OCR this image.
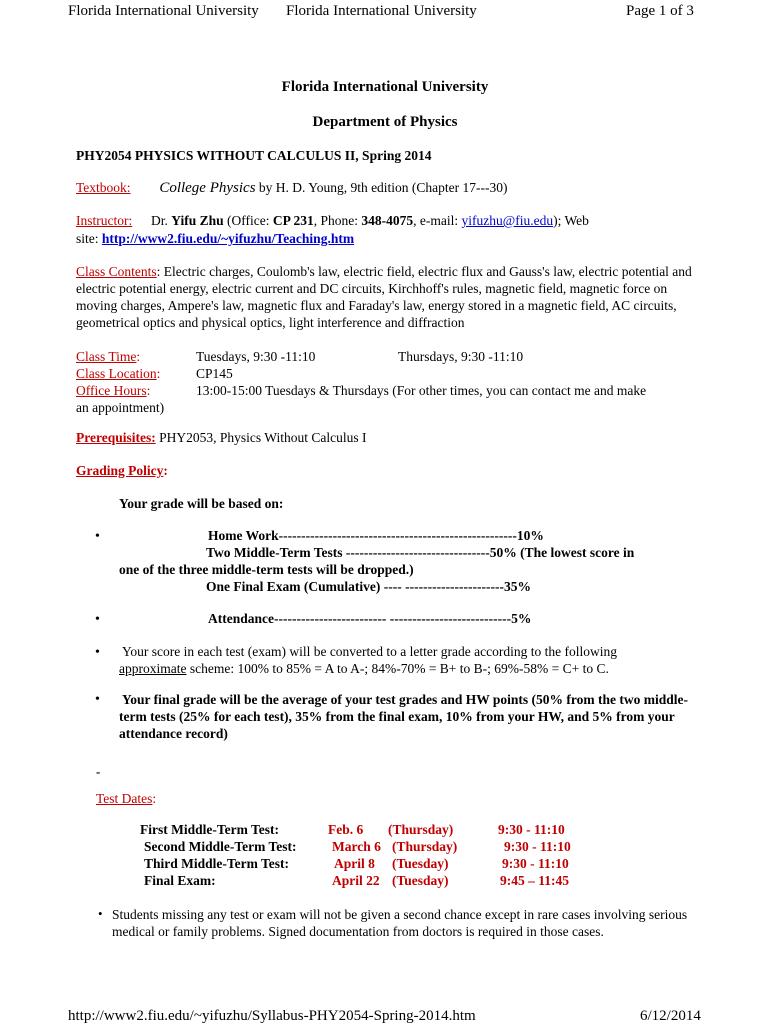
Florida International University Florida International University	Page 1 of 3
Florida International University
Department of Physics
PHY2054 PHYSICS WITHOUT CALCULUS II, Spring 2014
Textbook: College Physics by H. D. Young, 9th edition (Chapter 17---30)
Instructor: Dr. Yifu Zhu (Office: CP 231, Phone: 348-4075, e-mail: yifuzhu@fiu.edu); Web
site: http://www2.fiu.edu/~yifuzhu/Teaching.htm
Class Contents: Electric charges, Coulomb's law, electric field, electric flux and Gauss's law, electric potential and electric potential energy, electric current and DC circuits, Kirchhoff's rules, magnetic field, magnetic force on moving charges, Ampere's law, magnetic flux and Faraday's law, energy stored in a magnetic field, AC circuits, geometrical optics and physical optics, light interference and diffraction
Class Time:	Tuesdays, 9:30 -11:10	Thursdays, 9:30 -11:10
Class Location:	CP145
Office Hours:	13:00-15:00 Tuesdays & Thursdays (For other times, you can contact me and make
an appointment)
Prerequisites: PHY2053, Physics Without Calculus I
Grading Policy:
Your grade will be based on:
•	Home Work-----------------------------------------------------10%
Two Middle-Term Tests --------------------------------50% (The lowest score in
one of the three middle-term tests will be dropped.)
One Final Exam (Cumulative) ---- ----------------------35%
•	Attendance------------------------- ---------------------------5%
• Your score in each test (exam) will be converted to a letter grade according to the following
approximate scheme: 100% to 85% = A to A-; 84%-70% = B+ to B-; 69%-58% = C+ to C.
• Your final grade will be the average of your test grades and HW points (50% from the two middle-term tests (25% for each test), 35% from the final exam, 10% from your HW, and 5% from your attendance record)
-
Test Dates:
First Middle-Term Test:	Feb. 6	(Thursday)	9:30 - 11:10
Second Middle-Term Test:	March 6	(Thursday)	9:30 - 11:10
Third Middle-Term Test:	April 8	(Tuesday)	9:30 - 11:10
Final Exam:	April 22	(Tuesday)	9:45 – 11:45
• Students missing any test or exam will not be given a second chance except in rare cases involving serious medical or family problems. Signed documentation from doctors is required in those cases.
http://www2.fiu.edu/~yifuzhu/Syllabus-PHY2054-Spring-2014.htm	6/12/2014
